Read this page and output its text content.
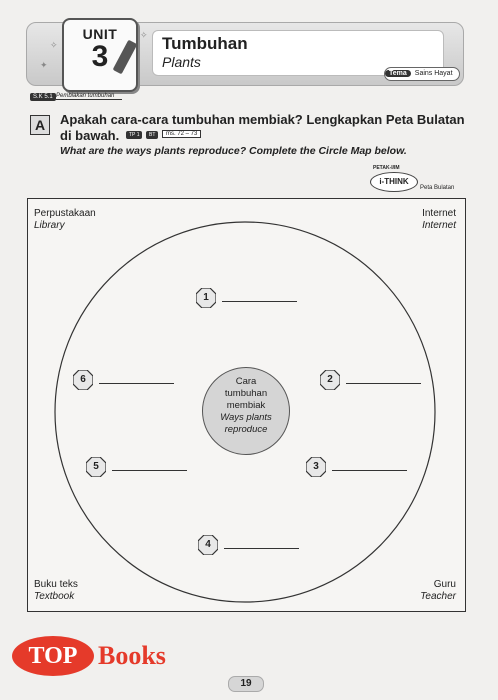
✦
✧
✧
UNIT
3	Tumbuhan
Plants
Tema Sains Hayat
S.K 5.1 Pembiakan tumbuhan
A	Apakah cara-cara tumbuhan membiak? Lengkapkan Peta Bulatan
di bawah.	TP 1	BT	ms. 72 – 73
What are the ways plants reproduce? Complete the Circle Map below.
PETAK-I/IM
i-THINK
Peta Bulatan
Perpustakaan
Library
Internet
Internet
Buku teks
Textbook
Guru
Teacher
1
2
3
4
5
6	Cara
tumbuhan
membiak
Ways plants
reproduce
TOP Books
19
